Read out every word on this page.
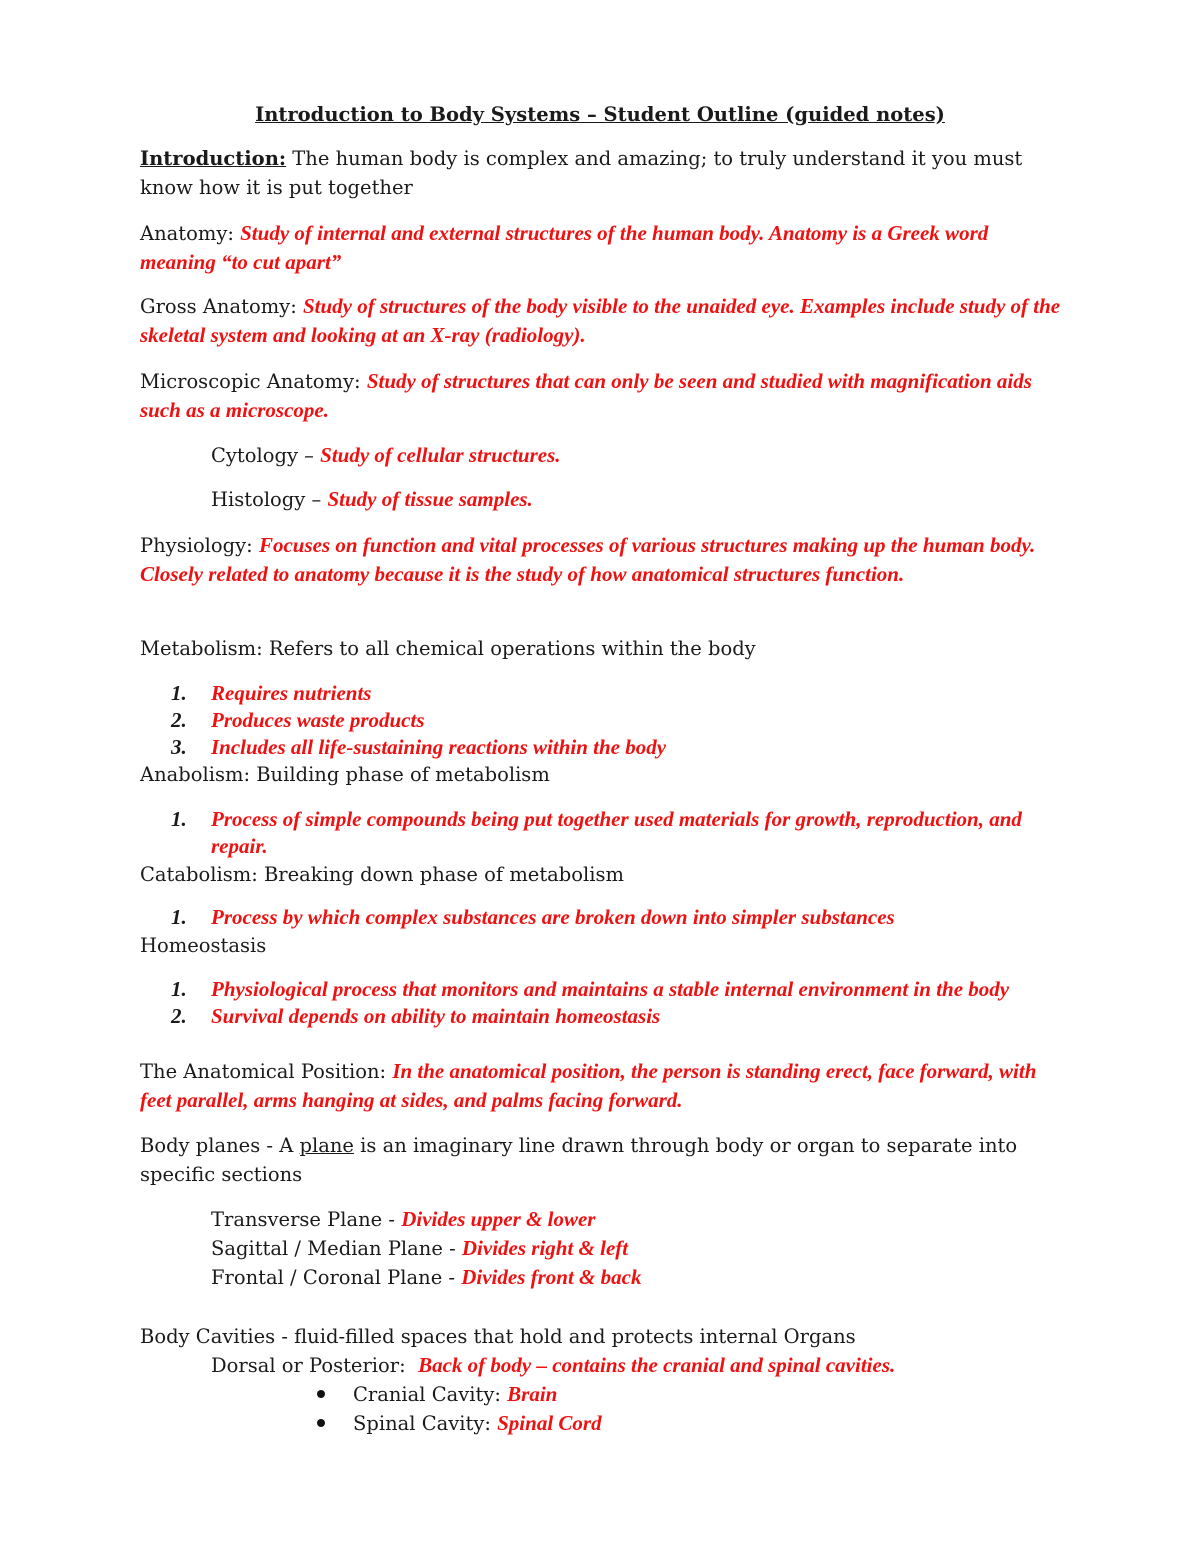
Introduction to Body Systems – Student Outline (guided notes)

Introduction: The human body is complex and amazing; to truly understand it you must know how it is put together

Anatomy: Study of internal and external structures of the human body. Anatomy is a Greek word meaning “to cut apart”

Gross Anatomy: Study of structures of the body visible to the unaided eye. Examples include study of the skeletal system and looking at an X-ray (radiology).

Microscopic Anatomy: Study of structures that can only be seen and studied with magnification aids such as a microscope.

Cytology – Study of cellular structures.

Histology – Study of tissue samples.

Physiology: Focuses on function and vital processes of various structures making up the human body. Closely related to anatomy because it is the study of how anatomical structures function.

Metabolism: Refers to all chemical operations within the body

1. Requires nutrients
2. Produces waste products
3. Includes all life-sustaining reactions within the body

Anabolism: Building phase of metabolism

1. Process of simple compounds being put together used materials for growth, reproduction, and repair.

Catabolism: Breaking down phase of metabolism

1. Process by which complex substances are broken down into simpler substances

Homeostasis

1. Physiological process that monitors and maintains a stable internal environment in the body
2. Survival depends on ability to maintain homeostasis

The Anatomical Position: In the anatomical position, the person is standing erect, face forward, with feet parallel, arms hanging at sides, and palms facing forward.

Body planes - A plane is an imaginary line drawn through body or organ to separate into specific sections

Transverse Plane - Divides upper & lower

Sagittal / Median Plane - Divides right & left

Frontal / Coronal Plane - Divides front & back

Body Cavities - fluid-filled spaces that hold and protects internal Organs

Dorsal or Posterior:  Back of body – contains the cranial and spinal cavities.

Cranial Cavity: Brain
Spinal Cavity: Spinal Cord
